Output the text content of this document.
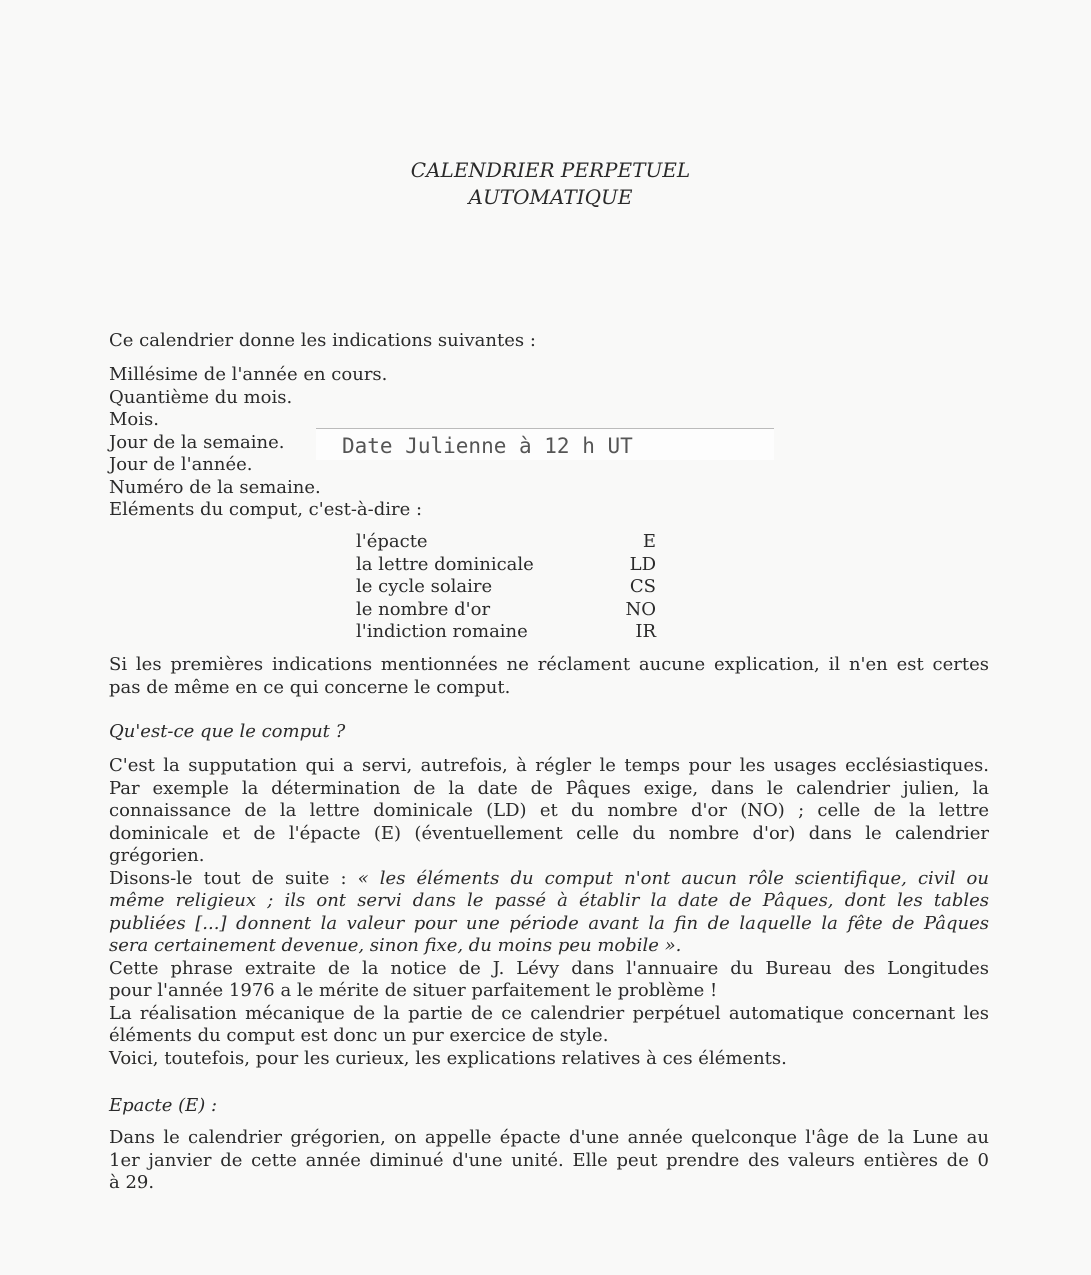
CALENDRIER PERPETUEL
AUTOMATIQUE
Ce calendrier donne les indications suivantes :
Millésime de l'année en cours.
Quantième du mois.
Mois.
Jour de la semaine.
Jour de l'année.
Numéro de la semaine.
Eléments du comput, c'est-à-dire :
Date Julienne à 12 h UT
l'épacte	E
la lettre dominicale	LD
le cycle solaire	CS
le nombre d'or	NO
l'indiction romaine	IR
Si les premières indications mentionnées ne réclament aucune explication, il n'en est certes
pas de même en ce qui concerne le comput.
Qu'est-ce que le comput ?
C'est la supputation qui a servi, autrefois, à régler le temps pour les usages ecclésiastiques.
Par exemple la détermination de la date de Pâques exige, dans le calendrier julien, la
connaissance de la lettre dominicale (LD) et du nombre d'or (NO) ; celle de la lettre
dominicale et de l'épacte (E) (éventuellement celle du nombre d'or) dans le calendrier
grégorien.
Disons-le tout de suite : « les éléments du comput n'ont aucun rôle scientifique, civil ou
même religieux ; ils ont servi dans le passé à établir la date de Pâques, dont les tables
publiées [...] donnent la valeur pour une période avant la fin de laquelle la fête de Pâques
sera certainement devenue, sinon fixe, du moins peu mobile ».
Cette phrase extraite de la notice de J. Lévy dans l'annuaire du Bureau des Longitudes
pour l'année 1976 a le mérite de situer parfaitement le problème !
La réalisation mécanique de la partie de ce calendrier perpétuel automatique concernant les
éléments du comput est donc un pur exercice de style.
Voici, toutefois, pour les curieux, les explications relatives à ces éléments.
Epacte (E) :
Dans le calendrier grégorien, on appelle épacte d'une année quelconque l'âge de la Lune au
1er janvier de cette année diminué d'une unité. Elle peut prendre des valeurs entières de 0
à 29.
